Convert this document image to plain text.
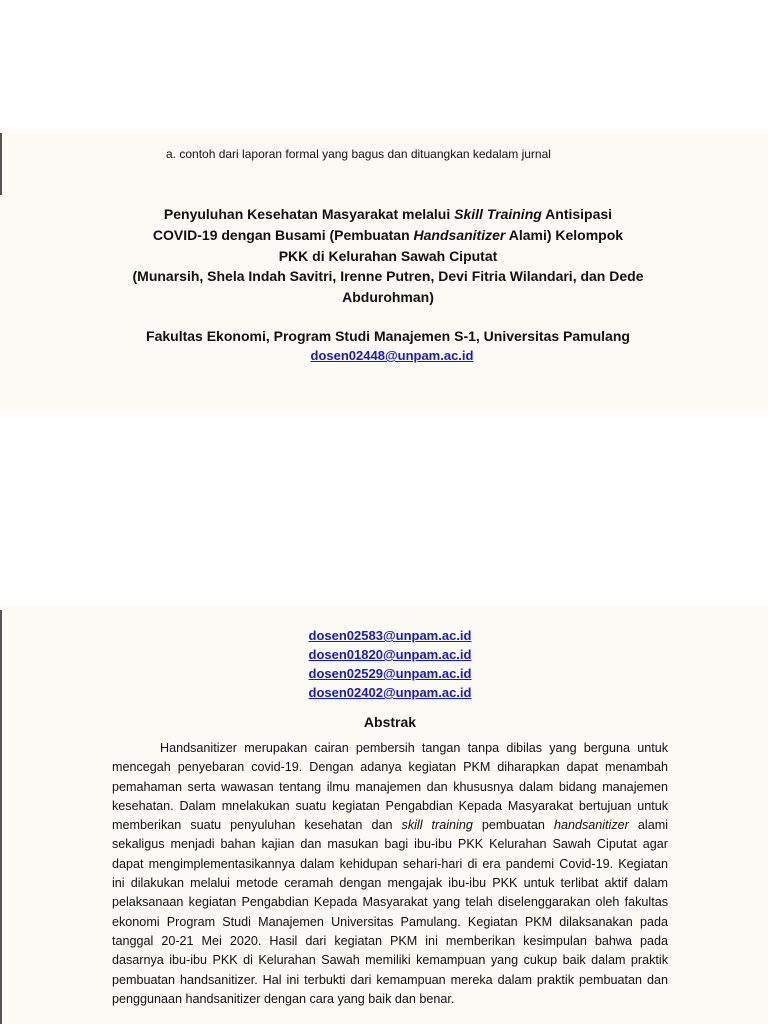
a. contoh dari laporan formal yang bagus dan dituangkan kedalam jurnal
Penyuluhan Kesehatan Masyarakat melalui Skill Training Antisipasi
COVID-19 dengan Busami (Pembuatan Handsanitizer Alami) Kelompok
PKK di Kelurahan Sawah Ciputat
(Munarsih, Shela Indah Savitri, Irenne Putren, Devi Fitria Wilandari, dan Dede Abdurohman)
Fakultas Ekonomi, Program Studi Manajemen S-1, Universitas Pamulang
dosen02448@unpam.ac.id
dosen02583@unpam.ac.id
dosen01820@unpam.ac.id
dosen02529@unpam.ac.id
dosen02402@unpam.ac.id
Abstrak

Handsanitizer merupakan cairan pembersih tangan tanpa dibilas yang berguna untuk mencegah penyebaran covid-19. Dengan adanya kegiatan PKM diharapkan dapat menambah pemahaman serta wawasan tentang ilmu manajemen dan khususnya dalam bidang manajemen kesehatan. Dalam mnelakukan suatu kegiatan Pengabdian Kepada Masyarakat bertujuan untuk memberikan suatu penyuluhan kesehatan dan skill training pembuatan handsanitizer alami sekaligus menjadi bahan kajian dan masukan bagi ibu-ibu PKK Kelurahan Sawah Ciputat agar dapat mengimplementasikannya dalam kehidupan sehari-hari di era pandemi Covid-19. Kegiatan ini dilakukan melalui metode ceramah dengan mengajak ibu-ibu PKK untuk terlibat aktif dalam pelaksanaan kegiatan Pengabdian Kepada Masyarakat yang telah diselenggarakan oleh fakultas ekonomi Program Studi Manajemen Universitas Pamulang. Kegiatan PKM dilaksanakan pada tanggal 20-21 Mei 2020. Hasil dari kegiatan PKM ini memberikan kesimpulan bahwa pada dasarnya ibu-ibu PKK di Kelurahan Sawah memiliki kemampuan yang cukup baik dalam praktik pembuatan handsanitizer. Hal ini terbukti dari kemampuan mereka dalam praktik pembuatan dan penggunaan handsanitizer dengan cara yang baik dan benar.
